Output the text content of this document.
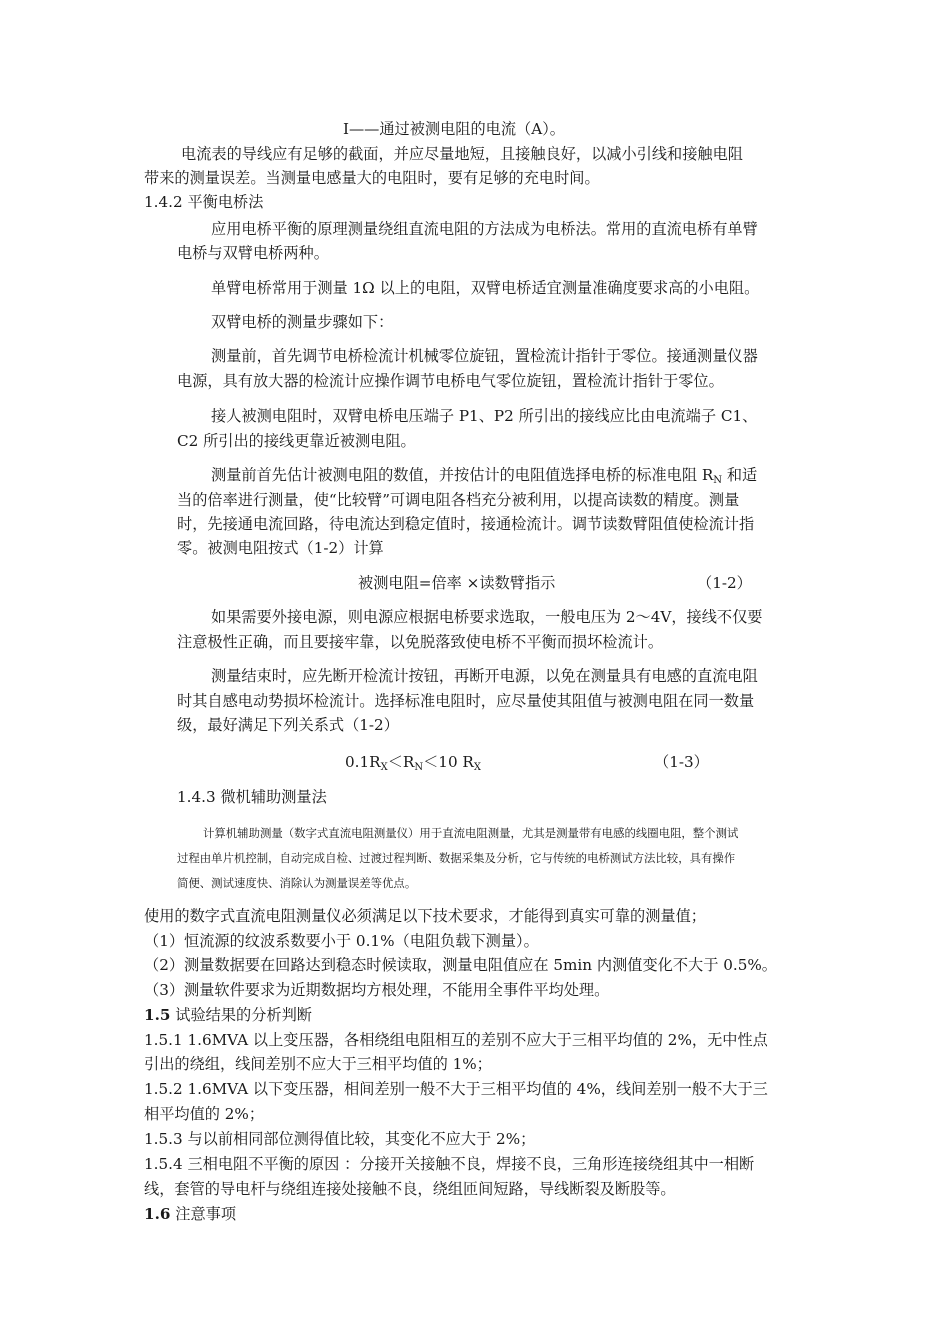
I——通过被测电阻的电流（A）。
电流表的导线应有足够的截面，并应尽量地短，且接触良好，以减小引线和接触电阻
带来的测量误差。当测量电感量大的电阻时，要有足够的充电时间。
1.4.2 平衡电桥法
应用电桥平衡的原理测量绕组直流电阻的方法成为电桥法。常用的直流电桥有单臂
电桥与双臂电桥两种。
单臂电桥常用于测量 1Ω 以上的电阻，双臂电桥适宜测量准确度要求高的小电阻。
双臂电桥的测量步骤如下：
测量前，首先调节电桥检流计机械零位旋钮，置检流计指针于零位。接通测量仪器
电源，具有放大器的检流计应操作调节电桥电气零位旋钮，置检流计指针于零位。
接人被测电阻时，双臂电桥电压端子 P1、P2 所引出的接线应比由电流端子 C1、
C2 所引出的接线更靠近被测电阻。
测量前首先估计被测电阻的数值，并按估计的电阻值选择电桥的标准电阻 $R_N$ 和适
当的倍率进行测量，使“比较臂”可调电阻各档充分被利用，以提高读数的精度。测量
时，先接通电流回路，待电流达到稳定值时，接通检流计。调节读数臂阻值使检流计指
零。被测电阻按式（1-2）计算
被测电阻=倍率 ×读数臂指示	（1-2）
如果需要外接电源，则电源应根据电桥要求选取，一般电压为 2～4V，接线不仅要
注意极性正确，而且要接牢靠，以免脱落致使电桥不平衡而损坏检流计。
测量结束时，应先断开检流计按钮，再断开电源，以免在测量具有电感的直流电阻
时其自感电动势损坏检流计。选择标准电阻时，应尽量使其阻值与被测电阻在同一数量
级，最好满足下列关系式（1-2）
$0.1R_X<R_N<10$ $R_X$	（1-3）
1.4.3 微机辅助测量法
计算机辅助测量（数字式直流电阻测量仪）用于直流电阻测量，尤其是测量带有电感的线圈电阻，整个测试
过程由单片机控制，自动完成自检、过渡过程判断、数据采集及分析，它与传统的电桥测试方法比较，具有操作
简便、测试速度快、消除认为测量误差等优点。
使用的数字式直流电阻测量仪必须满足以下技术要求，才能得到真实可靠的测量值；
（1）恒流源的纹波系数要小于 0.1%（电阻负载下测量）。
（2）测量数据要在回路达到稳态时候读取，测量电阻值应在 5min 内测值变化不大于 0.5%。
（3）测量软件要求为近期数据均方根处理，不能用全事件平均处理。
1.5 试验结果的分析判断
1.5.1 1.6MVA 以上变压器，各相绕组电阻相互的差别不应大于三相平均值的 2%，无中性点
引出的绕组，线间差别不应大于三相平均值的 1%；
1.5.2 1.6MVA 以下变压器，相间差别一般不大于三相平均值的 4%，线间差别一般不大于三
相平均值的 2%；
1.5.3 与以前相同部位测得值比较，其变化不应大于 2%；
1.5.4 三相电阻不平衡的原因 ：分接开关接触不良，焊接不良，三角形连接绕组其中一相断
线，套管的导电杆与绕组连接处接触不良，绕组匝间短路，导线断裂及断股等。
1.6 注意事项
